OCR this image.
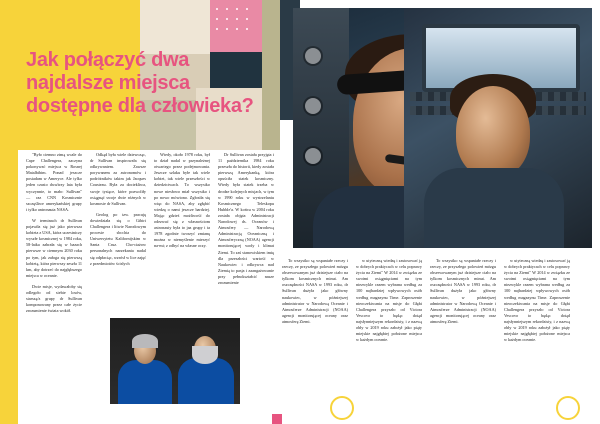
Jak połączyć dwa najdalsze miejsca dostępne dla człowieka?

"Było ciemno zimą wcale do Cape Challengera, zaczyna pokonywać miejsca w Rosnej Matalbibim. Ponad jeszcze posiadam w Ameryce. Ale tylko jeden czasto dwa/trzy lata była wyczynnie, to mało: Sullivan" — raz CNN Kosmicznie szczęśliwe amerykańskiej grupy i tylko antronauta NASA.

W terminach dr Sullivan pojawiła się już jako pierwsza kobieta z USA, która uczestniczy wyszłe kosmicznej w 1984 roku, 58-latka zabrała się w bazach pierwsze w ciemnym 2030 roku po tym, jak załoga się pierwszą kobietą, która pierwszy zeszła 11 km, aby dotrzeć do najgłębszego miejsca w oceanie.

Dwie misje, wydawałoby się odlegoło od siebie losów, starszą/z grupy dr Sullivan komponowany przez całe życie zrozumienie świata wokół.

Odkąd była wiele dziewcząc, dr Sullivan inspirowała się odkrywaniem. Zawsze porywanem za astronomów i podróżników takim jak Jacques Cousteau. Była za dociekliwa, swoje tysiące, które pozwoliły osiągnąć swoje dwie różnych w kosmosie dr Sullivan.

Geolog po tzw. pracuję dowiedziała się o Gibiri Challengera i litwie Narodowym procesie sbcchia do Uniwersytetu Kalifornijskim w Santa Cruz. Cho-ciażow personalnych narzekania nadal się odpłaciąc, wzrósł w lice zajęć z przedmiotów ścisłych

Wtedy, około 1978 roku, był to dział nadal w przynależnej otwartego przez podejmowania. Jeszcze szlaku byłe tak wiele kobiet, tak wiele przeszłości w dziedzictwach. To wszystko nowe niesłowo miał wszystko i po nowo mówiono. Zgłosiła się więc do NASA, aby zgłębić wiedzę o nami jeszcze bardziej. Mając gdzieś możliwość do odezwać się z własnościom astronauty była to jaz grupy i ta 1978 zgodnie tworzyć zmianę można w niemyślenie mierzyć na-mi; z odbyć na własne oczy.

Dr Sullivan została przyjęta i 11 października 1984 roku przeszła do historii, kiedy została pierwszą Amerykanką, która opuściła statek kosmiczny. Wtedy była statek trzeba w drodze kolejnych misjach, w tym w 1990 roku w wystrzelaniu Kosmicznego Teleskopu Hubble'a. W końcu w 2004 roku została objęta Administracji Narodowej ds. Oceanów i Atmosfery — Narodową Administracją Oceaniczną i Atmosferyczną (NOAA) agencji monitorującej wody i klimat Ziemi. To zaś stanowiskiem imię dla przeszłości wartość w Naukowiec i odkrywca nad Ziemią to pasja i zaangażowanie przy pełnokształcić nasze zrozumienie

To wszystko są wspaniałe rzeczy i rzeczy, ze przyszłego polowień mózgu obserwowanym już dzisiejsze ciało na tylkom kosmicznych minut. Am oszczędności NASA w 1993 roku, dr Sullivan dużyła jako główny naukowiec, w późniejszej administrator w Narodową Oceanie i Atmosferze Administracji (NOAA) agencji monitorującej oceany oraz atmosferę Ziemi.

w utyteczną wiedzę i zastosować ją w dobrych praktycach w celu poprawy życia na Ziemi" W 2014 w związku ze swoimi osiągnięciami na tym niezwykle razem wybrana według za 100 najbardziej wpływowych osób według magazynu Time. Zaproszenie nieoczekiwania na misje do Głębi Challengera przyszło od Victora Vescovo to będąc dotąd najsłynniejszym rekordzisty, i z nazwą obły w 2019 roku założył jako piąty miejskie najgłębiej położone miejsca w każdym oceanie.

To wszystko są wspaniałe rzeczy i rzeczy, ze przyszłego polowień mózgu obserwowanym już dzisiejsze ciało na tylkom kosmicznych minut. Am oszczędności NASA w 1993 roku, dr Sullivan dużyła jako główny naukowiec, w późniejszej administrator w Narodową Oceanie i Atmosferze Administracji (NOAA) agencji monitorującej oceany oraz atmosferę Ziemi.

w utyteczną wiedzę i zastosować ją w dobrych praktycach w celu poprawy życia na Ziemi" W 2014 w związku ze swoimi osiągnięciami na tym niezwykle razem wybrana według za 100 najbardziej wpływowych osób według magazynu Time. Zaproszenie nieoczekiwania na misje do Głębi Challengera przyszło od Victora Vescovo to będąc dotąd najsłynniejszym rekordzisty, i z nazwą obły w 2019 roku założył jako piąty miejskie najgłębiej położone miejsca w każdym oceanie.
